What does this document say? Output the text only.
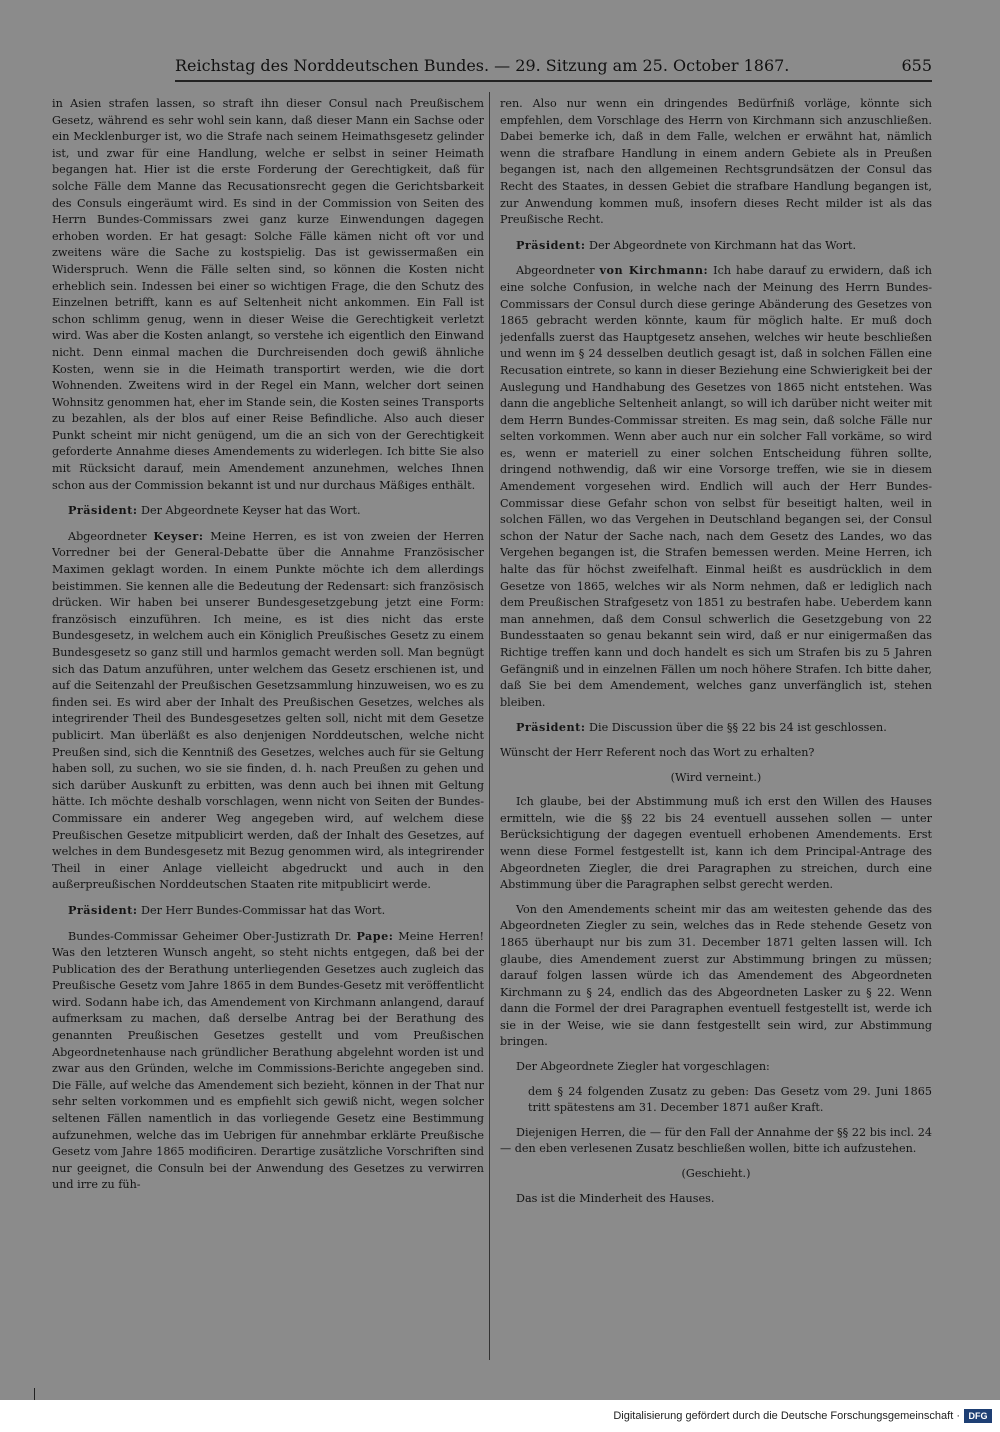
Reichstag des Norddeutschen Bundes. — 29. Sitzung am 25. October 1867.	655

in Asien strafen lassen, so straft ihn dieser Consul nach Preußischem Gesetz, während es sehr wohl sein kann, daß dieser Mann ein Sachse oder ein Mecklenburger ist, wo die Strafe nach seinem Heimathsgesetz gelinder ist, und zwar für eine Handlung, welche er selbst in seiner Heimath begangen hat. Hier ist die erste Forderung der Gerechtigkeit, daß für solche Fälle dem Manne das Recusationsrecht gegen die Gerichtsbarkeit des Consuls eingeräumt wird. Es sind in der Commission von Seiten des Herrn Bundes-Commissars zwei ganz kurze Einwendungen dagegen erhoben worden. Er hat gesagt: Solche Fälle kämen nicht oft vor und zweitens wäre die Sache zu kostspielig. Das ist gewissermaßen ein Widerspruch. Wenn die Fälle selten sind, so können die Kosten nicht erheblich sein. Indessen bei einer so wichtigen Frage, die den Schutz des Einzelnen betrifft, kann es auf Seltenheit nicht ankommen. Ein Fall ist schon schlimm genug, wenn in dieser Weise die Gerechtigkeit verletzt wird. Was aber die Kosten anlangt, so verstehe ich eigentlich den Einwand nicht. Denn einmal machen die Durchreisenden doch gewiß ähnliche Kosten, wenn sie in die Heimath transportirt werden, wie die dort Wohnenden. Zweitens wird in der Regel ein Mann, welcher dort seinen Wohnsitz genommen hat, eher im Stande sein, die Kosten seines Transports zu bezahlen, als der blos auf einer Reise Befindliche. Also auch dieser Punkt scheint mir nicht genügend, um die an sich von der Gerechtigkeit geforderte Annahme dieses Amendements zu widerlegen. Ich bitte Sie also mit Rücksicht darauf, mein Amendement anzunehmen, welches Ihnen schon aus der Commission bekannt ist und nur durchaus Mäßiges enthält.

Präsident: Der Abgeordnete Keyser hat das Wort.

Abgeordneter Keyser: Meine Herren, es ist von zweien der Herren Vorredner bei der General-Debatte über die Annahme Französischer Maximen geklagt worden. In einem Punkte möchte ich dem allerdings beistimmen. Sie kennen alle die Bedeutung der Redensart: sich französisch drücken. Wir haben bei unserer Bundesgesetzgebung jetzt eine Form: französisch einzuführen. Ich meine, es ist dies nicht das erste Bundesgesetz, in welchem auch ein Königlich Preußisches Gesetz zu einem Bundesgesetz so ganz still und harmlos gemacht werden soll. Man begnügt sich das Datum anzuführen, unter welchem das Gesetz erschienen ist, und auf die Seitenzahl der Preußischen Gesetzsammlung hinzuweisen, wo es zu finden sei. Es wird aber der Inhalt des Preußischen Gesetzes, welches als integrirender Theil des Bundesgesetzes gelten soll, nicht mit dem Gesetze publicirt. Man überläßt es also denjenigen Norddeutschen, welche nicht Preußen sind, sich die Kenntniß des Gesetzes, welches auch für sie Geltung haben soll, zu suchen, wo sie sie finden, d. h. nach Preußen zu gehen und sich darüber Auskunft zu erbitten, was denn auch bei ihnen mit Geltung hätte. Ich möchte deshalb vorschlagen, wenn nicht von Seiten der Bundes-Commissare ein anderer Weg angegeben wird, auf welchem diese Preußischen Gesetze mitpublicirt werden, daß der Inhalt des Gesetzes, auf welches in dem Bundesgesetz mit Bezug genommen wird, als integrirender Theil in einer Anlage vielleicht abgedruckt und auch in den außerpreußischen Norddeutschen Staaten rite mitpublicirt werde.

Präsident: Der Herr Bundes-Commissar hat das Wort.

Bundes-Commissar Geheimer Ober-Justizrath Dr. Pape: Meine Herren! Was den letzteren Wunsch angeht, so steht nichts entgegen, daß bei der Publication des der Berathung unterliegenden Gesetzes auch zugleich das Preußische Gesetz vom Jahre 1865 in dem Bundes-Gesetz mit veröffentlicht wird. Sodann habe ich, das Amendement von Kirchmann anlangend, darauf aufmerksam zu machen, daß derselbe Antrag bei der Berathung des genannten Preußischen Gesetzes gestellt und vom Preußischen Abgeordnetenhause nach gründlicher Berathung abgelehnt worden ist und zwar aus den Gründen, welche im Commissions-Berichte angegeben sind. Die Fälle, auf welche das Amendement sich bezieht, können in der That nur sehr selten vorkommen und es empfiehlt sich gewiß nicht, wegen solcher seltenen Fällen namentlich in das vorliegende Gesetz eine Bestimmung aufzunehmen, welche das im Uebrigen für annehmbar erklärte Preußische Gesetz vom Jahre 1865 modificiren. Derartige zusätzliche Vorschriften sind nur geeignet, die Consuln bei der Anwendung des Gesetzes zu verwirren und irre zu füh-

ren. Also nur wenn ein dringendes Bedürfniß vorläge, könnte sich empfehlen, dem Vorschlage des Herrn von Kirchmann sich anzuschließen. Dabei bemerke ich, daß in dem Falle, welchen er erwähnt hat, nämlich wenn die strafbare Handlung in einem andern Gebiete als in Preußen begangen ist, nach den allgemeinen Rechtsgrundsätzen der Consul das Recht des Staates, in dessen Gebiet die strafbare Handlung begangen ist, zur Anwendung kommen muß, insofern dieses Recht milder ist als das Preußische Recht.

Präsident: Der Abgeordnete von Kirchmann hat das Wort.

Abgeordneter von Kirchmann: Ich habe darauf zu erwidern, daß ich eine solche Confusion, in welche nach der Meinung des Herrn Bundes-Commissars der Consul durch diese geringe Abänderung des Gesetzes von 1865 gebracht werden könnte, kaum für möglich halte. Er muß doch jedenfalls zuerst das Hauptgesetz ansehen, welches wir heute beschließen und wenn im § 24 desselben deutlich gesagt ist, daß in solchen Fällen eine Recusation eintrete, so kann in dieser Beziehung eine Schwierigkeit bei der Auslegung und Handhabung des Gesetzes von 1865 nicht entstehen. Was dann die angebliche Seltenheit anlangt, so will ich darüber nicht weiter mit dem Herrn Bundes-Commissar streiten. Es mag sein, daß solche Fälle nur selten vorkommen. Wenn aber auch nur ein solcher Fall vorkäme, so wird es, wenn er materiell zu einer solchen Entscheidung führen sollte, dringend nothwendig, daß wir eine Vorsorge treffen, wie sie in diesem Amendement vorgesehen wird. Endlich will auch der Herr Bundes-Commissar diese Gefahr schon von selbst für beseitigt halten, weil in solchen Fällen, wo das Vergehen in Deutschland begangen sei, der Consul schon der Natur der Sache nach, nach dem Gesetz des Landes, wo das Vergehen begangen ist, die Strafen bemessen werden. Meine Herren, ich halte das für höchst zweifelhaft. Einmal heißt es ausdrücklich in dem Gesetze von 1865, welches wir als Norm nehmen, daß er lediglich nach dem Preußischen Strafgesetz von 1851 zu bestrafen habe. Ueberdem kann man annehmen, daß dem Consul schwerlich die Gesetzgebung von 22 Bundesstaaten so genau bekannt sein wird, daß er nur einigermaßen das Richtige treffen kann und doch handelt es sich um Strafen bis zu 5 Jahren Gefängniß und in einzelnen Fällen um noch höhere Strafen. Ich bitte daher, daß Sie bei dem Amendement, welches ganz unverfänglich ist, stehen bleiben.

Präsident: Die Discussion über die §§ 22 bis 24 ist geschlossen.

Wünscht der Herr Referent noch das Wort zu erhalten?

(Wird verneint.)

Ich glaube, bei der Abstimmung muß ich erst den Willen des Hauses ermitteln, wie die §§ 22 bis 24 eventuell aussehen sollen — unter Berücksichtigung der dagegen eventuell erhobenen Amendements. Erst wenn diese Formel festgestellt ist, kann ich dem Principal-Antrage des Abgeordneten Ziegler, die drei Paragraphen zu streichen, durch eine Abstimmung über die Paragraphen selbst gerecht werden.

Von den Amendements scheint mir das am weitesten gehende das des Abgeordneten Ziegler zu sein, welches das in Rede stehende Gesetz von 1865 überhaupt nur bis zum 31. December 1871 gelten lassen will. Ich glaube, dies Amendement zuerst zur Abstimmung bringen zu müssen; darauf folgen lassen würde ich das Amendement des Abgeordneten Kirchmann zu § 24, endlich das des Abgeordneten Lasker zu § 22. Wenn dann die Formel der drei Paragraphen eventuell festgestellt ist, werde ich sie in der Weise, wie sie dann festgestellt sein wird, zur Abstimmung bringen.

Der Abgeordnete Ziegler hat vorgeschlagen:

dem § 24 folgenden Zusatz zu geben: Das Gesetz vom 29. Juni 1865 tritt spätestens am 31. December 1871 außer Kraft.

Diejenigen Herren, die — für den Fall der Annahme der §§ 22 bis incl. 24 — den eben verlesenen Zusatz beschließen wollen, bitte ich aufzustehen.

(Geschieht.)

Das ist die Minderheit des Hauses.

Digitalisierung gefördert durch die Deutsche Forschungsgemeinschaft · DFG
